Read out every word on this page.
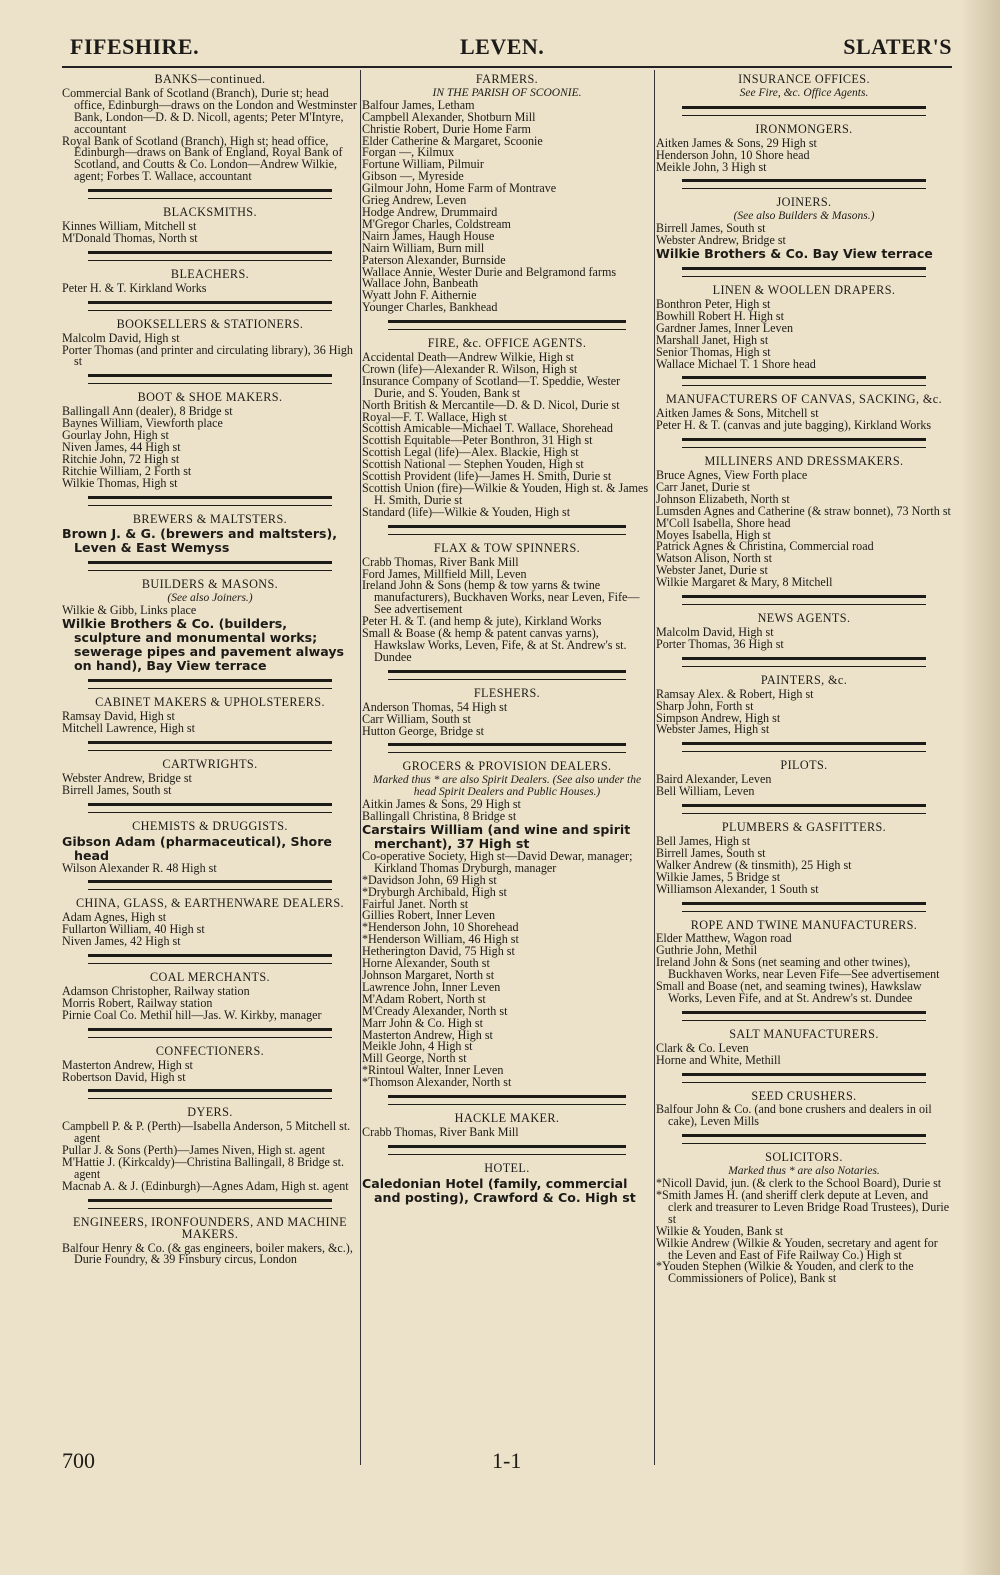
FIFESHIRE.	LEVEN.	SLATER'S
BANKS—continued.

Commercial Bank of Scotland (Branch), Durie st; head office, Edinburgh—draws on the London and Westminster Bank, London—D. & D. Nicoll, agents; Peter M'Intyre, accountant

Royal Bank of Scotland (Branch), High st; head office, Edinburgh—draws on Bank of England, Royal Bank of Scotland, and Coutts & Co. London—Andrew Wilkie, agent; Forbes T. Wallace, accountant

BLACKSMITHS.

Kinnes William, Mitchell st

M'Donald Thomas, North st

BLEACHERS.

Peter H. & T. Kirkland Works

BOOKSELLERS & STATIONERS.

Malcolm David, High st

Porter Thomas (and printer and circulating library), 36 High st

BOOT & SHOE MAKERS.

Ballingall Ann (dealer), 8 Bridge st

Baynes William, Viewforth place

Gourlay John, High st

Niven James, 44 High st

Ritchie John, 72 High st

Ritchie William, 2 Forth st

Wilkie Thomas, High st

BREWERS & MALTSTERS.

Brown J. & G. (brewers and maltsters), Leven & East Wemyss

BUILDERS & MASONS.
(See also Joiners.)

Wilkie & Gibb, Links place

Wilkie Brothers & Co. (builders, sculpture and monumental works; sewerage pipes and pavement always on hand), Bay View terrace

CABINET MAKERS & UPHOLSTERERS.

Ramsay David, High st

Mitchell Lawrence, High st

CARTWRIGHTS.

Webster Andrew, Bridge st

Birrell James, South st

CHEMISTS & DRUGGISTS.

Gibson Adam (pharmaceutical), Shore head

Wilson Alexander R. 48 High st

CHINA, GLASS, & EARTHENWARE DEALERS.

Adam Agnes, High st

Fullarton William, 40 High st

Niven James, 42 High st

COAL MERCHANTS.

Adamson Christopher, Railway station

Morris Robert, Railway station

Pirnie Coal Co. Methil hill—Jas. W. Kirkby, manager

CONFECTIONERS.

Masterton Andrew, High st

Robertson David, High st

DYERS.

Campbell P. & P. (Perth)—Isabella Anderson, 5 Mitchell st. agent

Pullar J. & Sons (Perth)—James Niven, High st. agent

M'Hattie J. (Kirkcaldy)—Christina Ballingall, 8 Bridge st. agent

Macnab A. & J. (Edinburgh)—Agnes Adam, High st. agent

ENGINEERS, IRONFOUNDERS, AND MACHINE MAKERS.

Balfour Henry & Co. (& gas engineers, boiler makers, &c.), Durie Foundry, & 39 Finsbury circus, London

FARMERS.
IN THE PARISH OF SCOONIE.

Balfour James, Letham

Campbell Alexander, Shotburn Mill

Christie Robert, Durie Home Farm

Elder Catherine & Margaret, Scoonie

Forgan —, Kilmux

Fortune William, Pilmuir

Gibson —, Myreside

Gilmour John, Home Farm of Montrave

Grieg Andrew, Leven

Hodge Andrew, Drummaird

M'Gregor Charles, Coldstream

Nairn James, Haugh House

Nairn William, Burn mill

Paterson Alexander, Burnside

Wallace Annie, Wester Durie and Belgramond farms

Wallace John, Banbeath

Wyatt John F. Aithernie

Younger Charles, Bankhead

FIRE, &c. OFFICE AGENTS.

Accidental Death—Andrew Wilkie, High st

Crown (life)—Alexander R. Wilson, High st

Insurance Company of Scotland—T. Speddie, Wester Durie, and S. Youden, Bank st

North British & Mercantile—D. & D. Nicol, Durie st

Royal—F. T. Wallace, High st

Scottish Amicable—Michael T. Wallace, Shorehead

Scottish Equitable—Peter Bonthron, 31 High st

Scottish Legal (life)—Alex. Blackie, High st

Scottish National — Stephen Youden, High st

Scottish Provident (life)—James H. Smith, Durie st

Scottish Union (fire)—Wilkie & Youden, High st. & James H. Smith, Durie st

Standard (life)—Wilkie & Youden, High st

FLAX & TOW SPINNERS.

Crabb Thomas, River Bank Mill

Ford James, Millfield Mill, Leven

Ireland John & Sons (hemp & tow yarns & twine manufacturers), Buckhaven Works, near Leven, Fife—See advertisement

Peter H. & T. (and hemp & jute), Kirkland Works

Small & Boase (& hemp & patent canvas yarns), Hawkslaw Works, Leven, Fife, & at St. Andrew's st. Dundee

FLESHERS.

Anderson Thomas, 54 High st

Carr William, South st

Hutton George, Bridge st

GROCERS & PROVISION DEALERS.
Marked thus * are also Spirit Dealers. (See also under the head Spirit Dealers and Public Houses.)

Aitkin James & Sons, 29 High st

Ballingall Christina, 8 Bridge st

Carstairs William (and wine and spirit merchant), 37 High st

Co-operative Society, High st—David Dewar, manager; Kirkland Thomas Dryburgh, manager

*Davidson John, 69 High st

*Dryburgh Archibald, High st

Fairful Janet. North st

Gillies Robert, Inner Leven

*Henderson John, 10 Shorehead

*Henderson William, 46 High st

Hetherington David, 75 High st

Horne Alexander, South st

Johnson Margaret, North st

Lawrence John, Inner Leven

M'Adam Robert, North st

M'Cready Alexander, North st

Marr John & Co. High st

Masterton Andrew, High st

Meikle John, 4 High st

Mill George, North st

*Rintoul Walter, Inner Leven

*Thomson Alexander, North st

HACKLE MAKER.

Crabb Thomas, River Bank Mill

HOTEL.

Caledonian Hotel (family, commercial and posting), Crawford & Co. High st

INSURANCE OFFICES.
See Fire, &c. Office Agents.
IRONMONGERS.

Aitken James & Sons, 29 High st

Henderson John, 10 Shore head

Meikle John, 3 High st

JOINERS.
(See also Builders & Masons.)

Birrell James, South st

Webster Andrew, Bridge st

Wilkie Brothers & Co. Bay View terrace

LINEN & WOOLLEN DRAPERS.

Bonthron Peter, High st

Bowhill Robert H. High st

Gardner James, Inner Leven

Marshall Janet, High st

Senior Thomas, High st

Wallace Michael T. 1 Shore head

MANUFACTURERS OF CANVAS, SACKING, &c.

Aitken James & Sons, Mitchell st

Peter H. & T. (canvas and jute bagging), Kirkland Works

MILLINERS AND DRESSMAKERS.

Bruce Agnes, View Forth place

Carr Janet, Durie st

Johnson Elizabeth, North st

Lumsden Agnes and Catherine (& straw bonnet), 73 North st

M'Coll Isabella, Shore head

Moyes Isabella, High st

Patrick Agnes & Christina, Commercial road

Watson Alison, North st

Webster Janet, Durie st

Wilkie Margaret & Mary, 8 Mitchell

NEWS AGENTS.

Malcolm David, High st

Porter Thomas, 36 High st

PAINTERS, &c.

Ramsay Alex. & Robert, High st

Sharp John, Forth st

Simpson Andrew, High st

Webster James, High st

PILOTS.

Baird Alexander, Leven

Bell William, Leven

PLUMBERS & GASFITTERS.

Bell James, High st

Birrell James, South st

Walker Andrew (& tinsmith), 25 High st

Wilkie James, 5 Bridge st

Williamson Alexander, 1 South st

ROPE AND TWINE MANUFACTURERS.

Elder Matthew, Wagon road

Guthrie John, Methil

Ireland John & Sons (net seaming and other twines), Buckhaven Works, near Leven Fife—See advertisement

Small and Boase (net, and seaming twines), Hawkslaw Works, Leven Fife, and at St. Andrew's st. Dundee

SALT MANUFACTURERS.

Clark & Co. Leven

Horne and White, Methill

SEED CRUSHERS.

Balfour John & Co. (and bone crushers and dealers in oil cake), Leven Mills

SOLICITORS.
Marked thus * are also Notaries.

*Nicoll David, jun. (& clerk to the School Board), Durie st

*Smith James H. (and sheriff clerk depute at Leven, and clerk and treasurer to Leven Bridge Road Trustees), Durie st

Wilkie & Youden, Bank st

Wilkie Andrew (Wilkie & Youden, secretary and agent for the Leven and East of Fife Railway Co.) High st

*Youden Stephen (Wilkie & Youden, and clerk to the Commissioners of Police), Bank st

700	1-1
